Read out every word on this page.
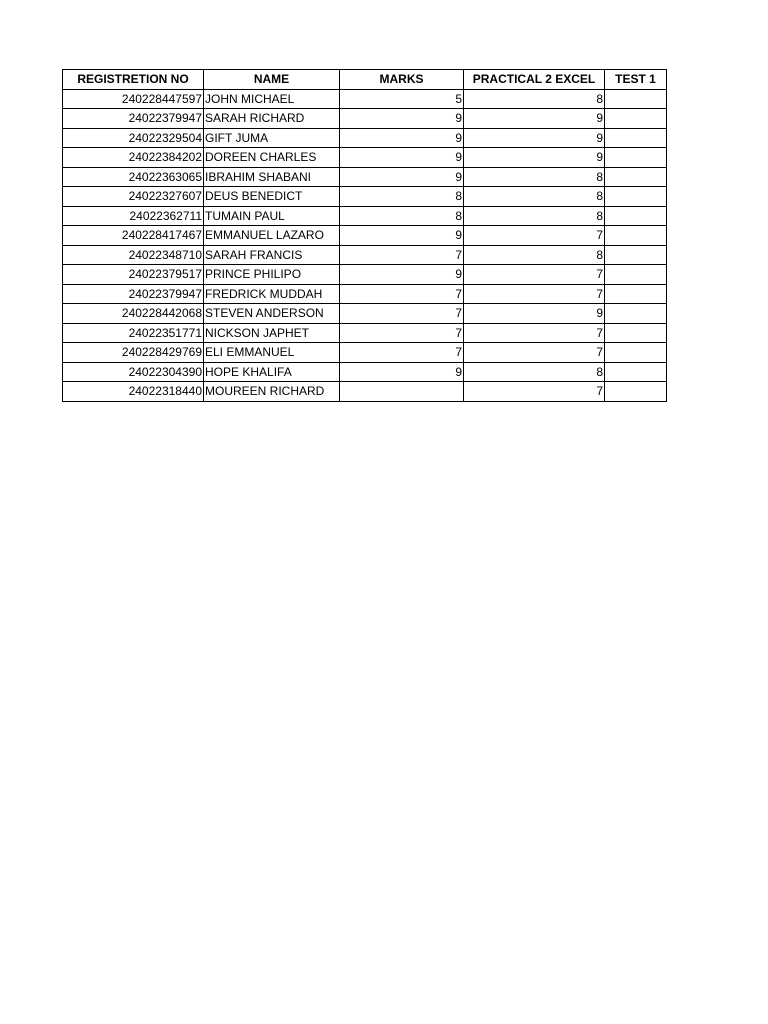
REGISTRETION NO	NAME	MARKS	PRACTICAL 2 EXCEL	TEST 1
240228447597	JOHN MICHAEL	5	8	
24022379947	SARAH RICHARD	9	9	
24022329504	GIFT JUMA	9	9	
24022384202	DOREEN CHARLES	9	9	
24022363065	IBRAHIM SHABANI	9	8	
24022327607	DEUS BENEDICT	8	8	
24022362711	TUMAIN PAUL	8	8	
240228417467	EMMANUEL LAZARO	9	7	
24022348710	SARAH FRANCIS	7	8	
24022379517	PRINCE PHILIPO	9	7	
24022379947	FREDRICK MUDDAH	7	7	
240228442068	STEVEN ANDERSON	7	9	
24022351771	NICKSON JAPHET	7	7	
240228429769	ELI EMMANUEL	7	7	
24022304390	HOPE KHALIFA	9	8	
24022318440	MOUREEN RICHARD		7	
